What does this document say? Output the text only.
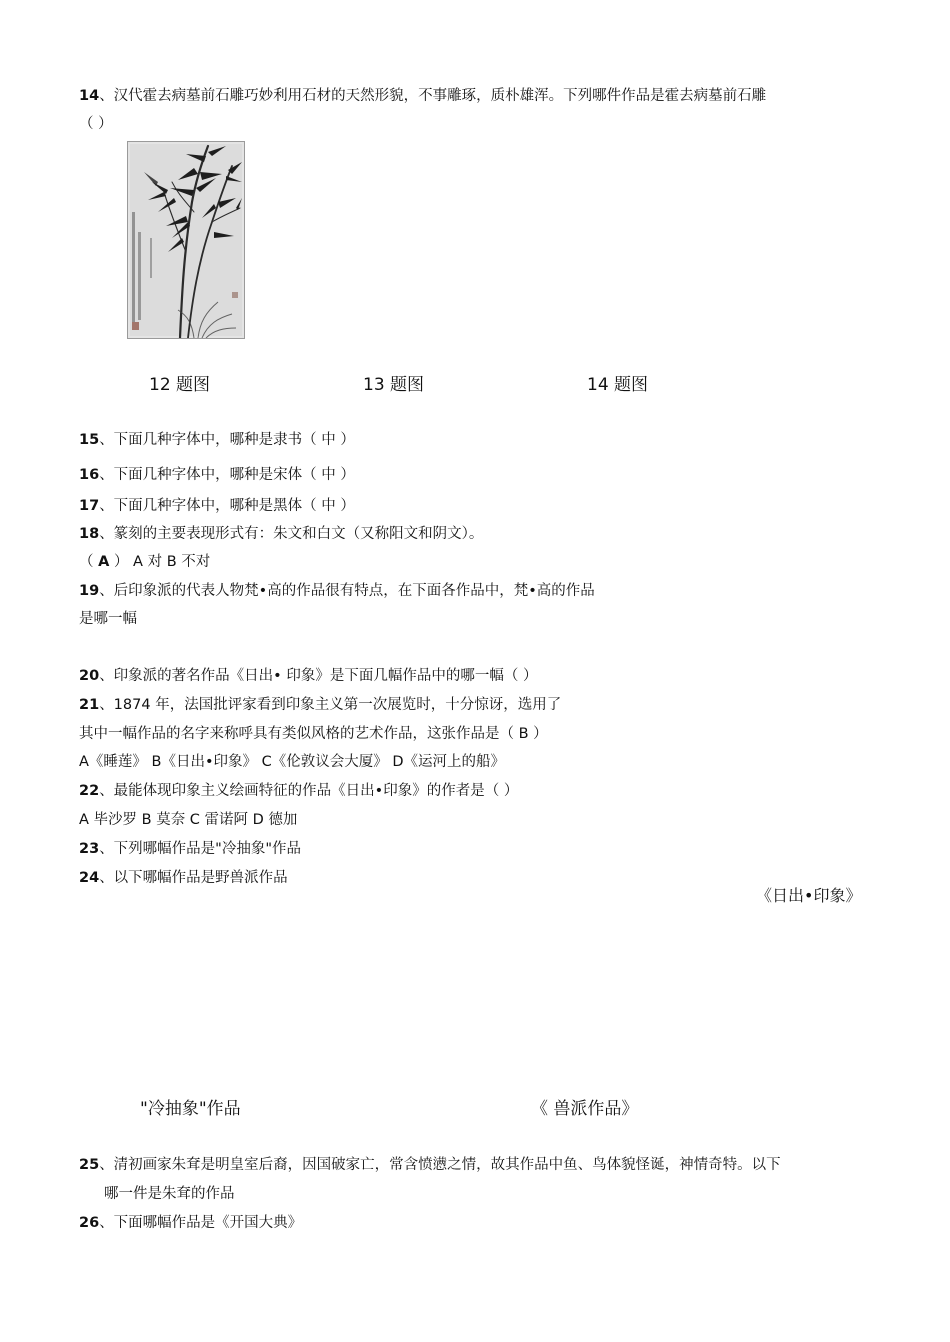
14、汉代霍去病墓前石雕巧妙利用石材的天然形貌，不事雕琢，质朴雄浑。下列哪件作品是霍去病墓前石雕
（ ）
12 题图	13 题图	14 题图
15、下面几种字体中，哪种是隶书（ 中 ）
16、下面几种字体中，哪种是宋体（ 中 ）
17、下面几种字体中，哪种是黑体（ 中 ）
18、篆刻的主要表现形式有：朱文和白文（又称阳文和阴文）。
（ A ） A 对 B 不对
19、后印象派的代表人物梵•高的作品很有特点，在下面各作品中，梵•高的作品
是哪一幅
20、印象派的著名作品《日出• 印象》是下面几幅作品中的哪一幅（ ）
21、1874 年，法国批评家看到印象主义第一次展览时，十分惊讶，选用了
其中一幅作品的名字来称呼具有类似风格的艺术作品，这张作品是（ B ）
A《睡莲》 B《日出•印象》 C《伦敦议会大厦》 D《运河上的船》
22、最能体现印象主义绘画特征的作品《日出•印象》的作者是（ ）
A 毕沙罗 B 莫奈 C 雷诺阿 D 德加
23、下列哪幅作品是"冷抽象"作品
24、以下哪幅作品是野兽派作品
《日出•印象》
"冷抽象"作品	《 兽派作品》
25、清初画家朱耷是明皇室后裔，因国破家亡，常含愤懑之情，故其作品中鱼、鸟体貌怪诞，神情奇特。以下
哪一件是朱耷的作品
26、下面哪幅作品是《开国大典》
